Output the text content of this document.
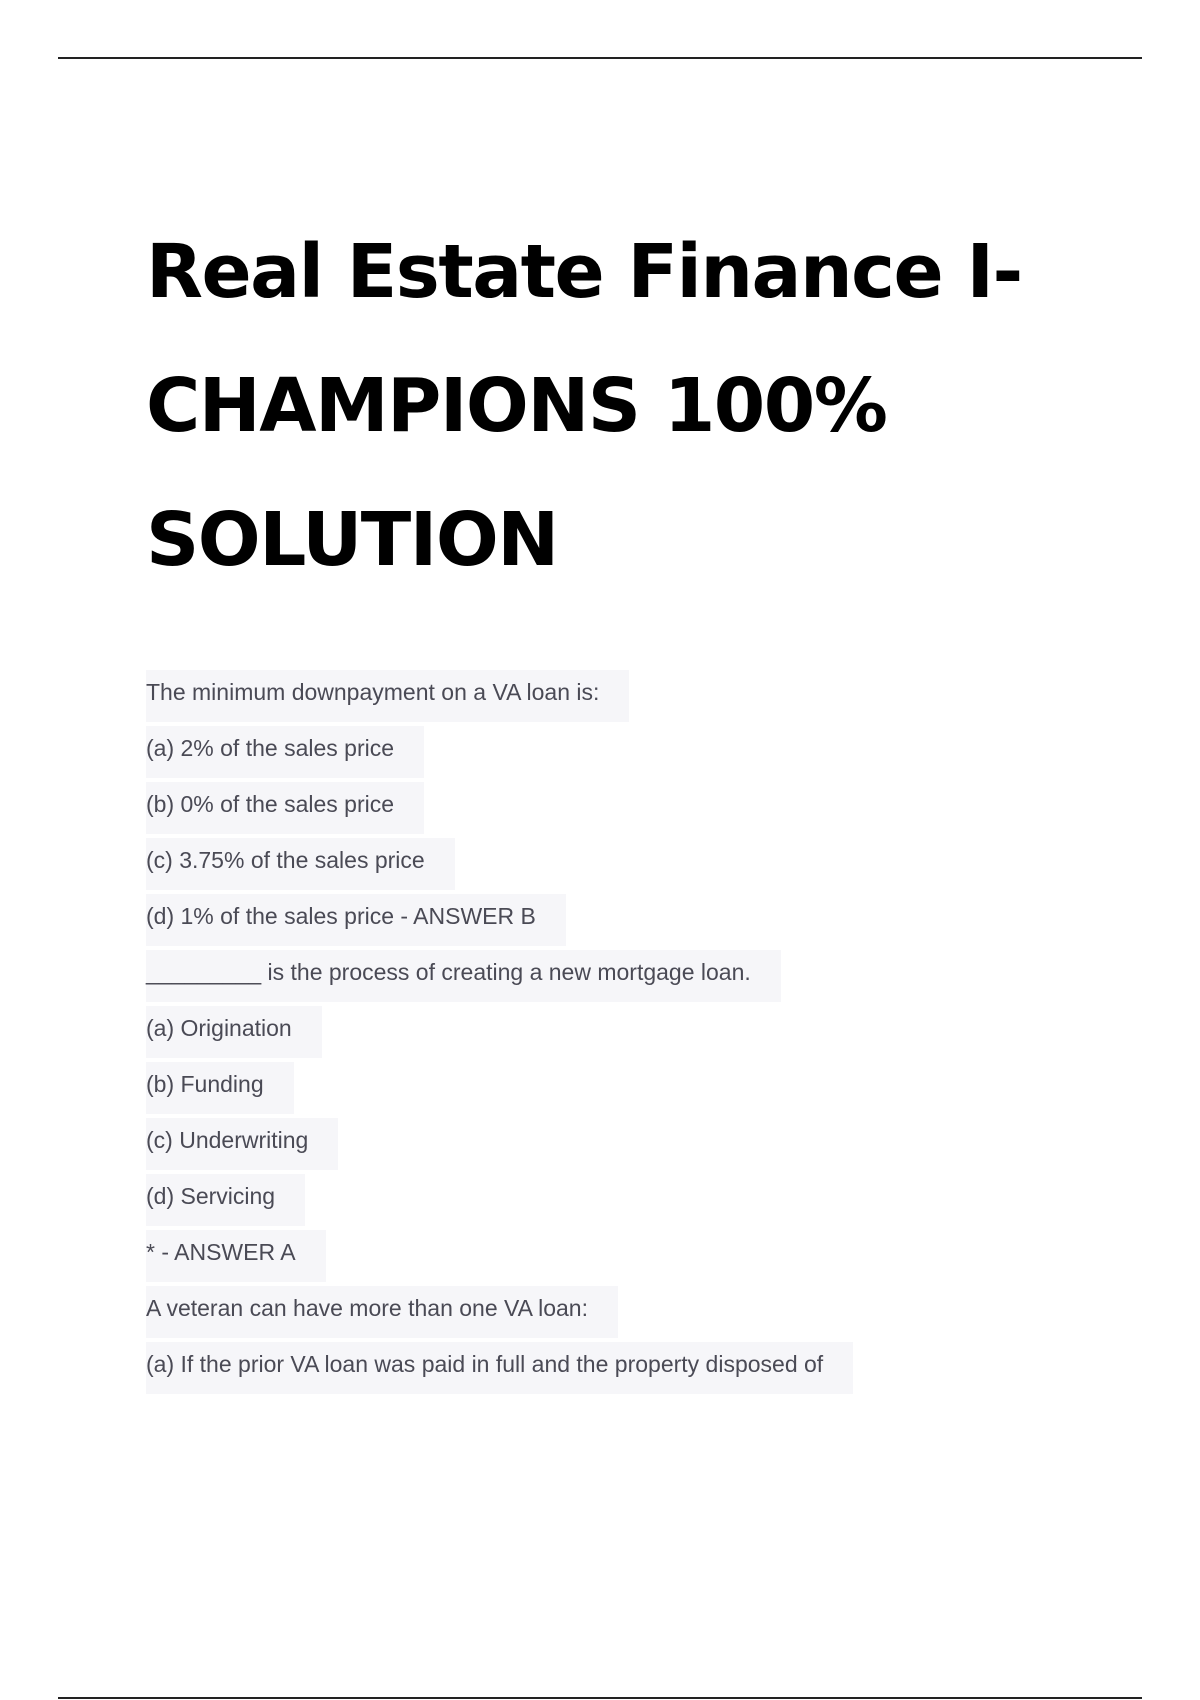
Real Estate Finance I-
CHAMPIONS 100%
SOLUTION
The minimum downpayment on a VA loan is:
(a) 2% of the sales price
(b) 0% of the sales price
(c) 3.75% of the sales price
(d) 1% of the sales price - ANSWER B
_________ is the process of creating a new mortgage loan.
(a) Origination
(b) Funding
(c) Underwriting
(d) Servicing
* - ANSWER A
A veteran can have more than one VA loan:
(a) If the prior VA loan was paid in full and the property disposed of
